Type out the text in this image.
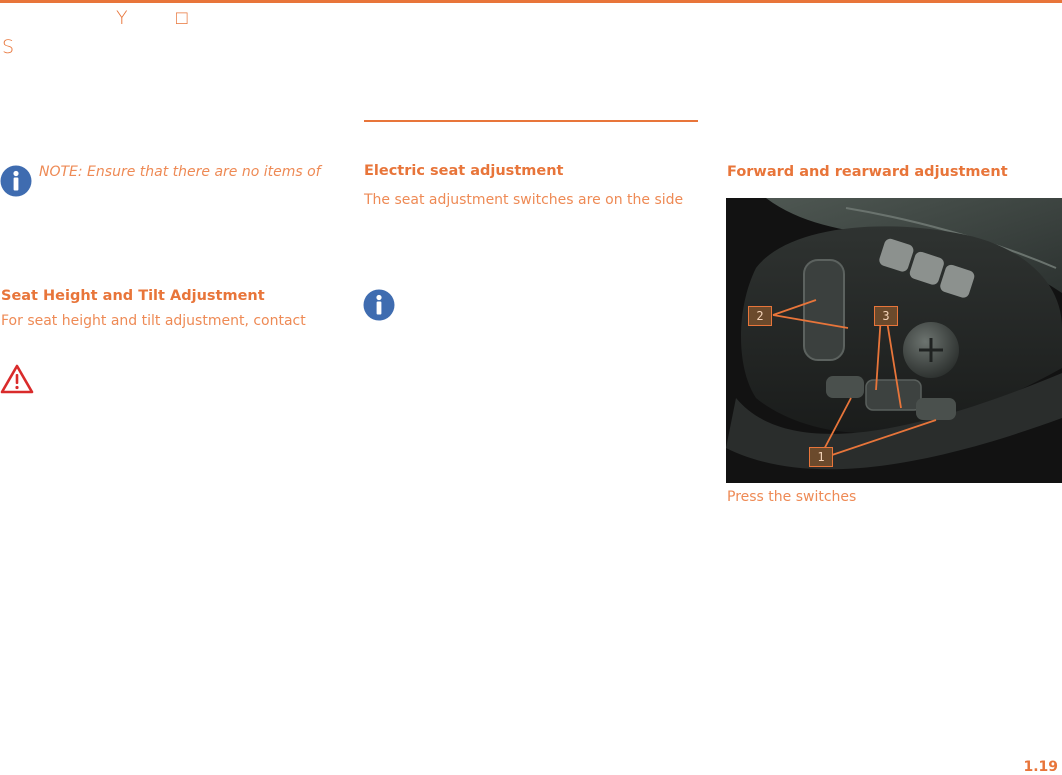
Y	□
S
NOTE: Ensure that there are no items of
Seat Height and Tilt Adjustment
For seat height and tilt adjustment, contact
Electric seat adjustment
The seat adjustment switches are on the side
Forward and rearward adjustment
2	3
1
Press the switches
1.19
